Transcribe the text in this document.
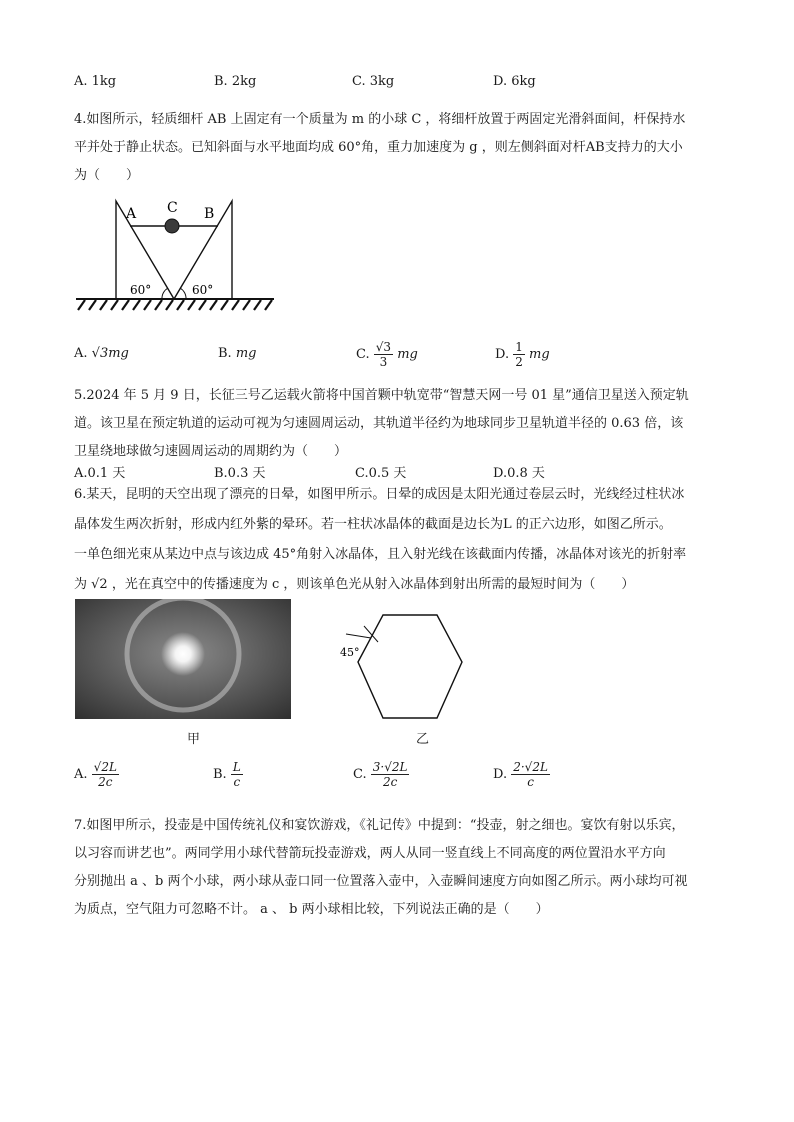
A. 1kg	B. 2kg	C. 3kg	D. 6kg
4.如图所示，轻质细杆 AB 上固定有一个质量为 m 的小球 C ，将细杆放置于两固定光滑斜面间，杆保持水
平并处于静止状态。已知斜面与水平地面均成 60°角，重力加速度为 g ，则左侧斜面对杆AB支持力的大小
为（　　）
A C B
60°	60°
A. √3mg	B. mg	C. $\frac{√3}{3}$ mg	D. $\frac{1}{2}$ mg
5.2024 年 5 月 9 日，长征三号乙运载火箭将中国首颗中轨宽带“智慧天网一号 01 星”通信卫星送入预定轨
道。该卫星在预定轨道的运动可视为匀速圆周运动，其轨道半径约为地球同步卫星轨道半径的 0.63 倍，该
卫星绕地球做匀速圆周运动的周期约为（　　）
A.0.1 天	B.0.3 天	C.0.5 天	D.0.8 天
6.某天，昆明的天空出现了漂亮的日晕，如图甲所示。日晕的成因是太阳光通过卷层云时，光线经过柱状冰
晶体发生两次折射，形成内红外紫的晕环。若一柱状冰晶体的截面是边长为L 的正六边形，如图乙所示。
一单色细光束从某边中点与该边成 45°角射入冰晶体，且入射光线在该截面内传播，冰晶体对该光的折射率
为 √2 ，光在真空中的传播速度为 c ，则该单色光从射入冰晶体到射出所需的最短时间为（　　）
甲
45°
乙
A. $\frac{√2L}{2c}$	B. $\frac{L}{c}$	C. $\frac{3\cdot√2L}{2c}$	D. $\frac{2\cdot√2L}{c}$
7.如图甲所示，投壶是中国传统礼仪和宴饮游戏，《礼记传》中提到：“投壶，射之细也。宴饮有射以乐宾，
以习容而讲艺也”。两同学用小球代替箭玩投壶游戏，两人从同一竖直线上不同高度的两位置沿水平方向
分别抛出 a 、b 两个小球，两小球从壶口同一位置落入壶中，入壶瞬间速度方向如图乙所示。两小球均可视
为质点，空气阻力可忽略不计。 a 、 b 两小球相比较，下列说法正确的是（　　）
